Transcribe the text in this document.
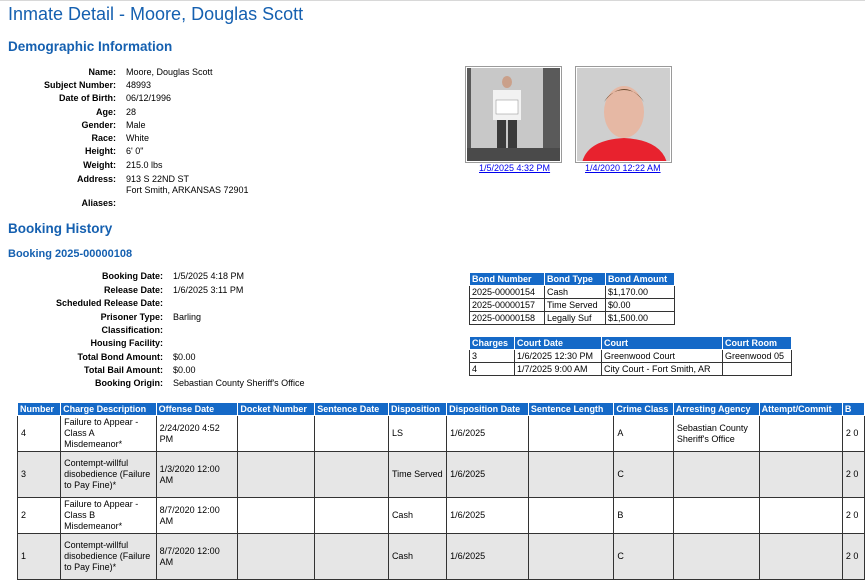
Inmate Detail - Moore, Douglas Scott
Demographic Information
Name: Moore, Douglas Scott
Subject Number: 48993
Date of Birth: 06/12/1996
Age: 28
Gender: Male
Race: White
Height: 6' 0"
Weight: 215.0 lbs
Address: 913 S 22ND ST
Fort Smith, ARKANSAS 72901
Aliases:
1/5/2025 4:32 PM	1/4/2020 12:22 AM
Booking History
Booking 2025-00000108
Booking Date: 1/5/2025 4:18 PM
Release Date: 1/6/2025 3:11 PM
Scheduled Release Date:
Prisoner Type: Barling
Classification:
Housing Facility:
Total Bond Amount: $0.00
Total Bail Amount: $0.00
Booking Origin: Sebastian County Sheriff's Office
Bond Number	Bond Type	Bond Amount
2025-00000154	Cash	$1,170.00
2025-00000157	Time Served	$0.00
2025-00000158	Legally Suf	$1,500.00
Charges	Court Date	Court	Court Room
3	1/6/2025 12:30 PM	Greenwood Court	Greenwood 05
4	1/7/2025 9:00 AM	City Court - Fort Smith, AR	
Number	Charge Description	Offense Date	Docket Number	Sentence Date	Disposition	Disposition Date	Sentence Length	Crime Class	Arresting Agency	Attempt/Commit	B
4	Failure to Appear - Class A Misdemeanor*	2/24/2020 4:52 PM			LS	1/6/2025		A	Sebastian County Sheriff's Office		2 0
3	Contempt-willful disobedience (Failure to Pay Fine)*	1/3/2020 12:00 AM			Time Served	1/6/2025		C			2 0
2	Failure to Appear - Class B Misdemeanor*	8/7/2020 12:00 AM			Cash	1/6/2025		B			2 0
1	Contempt-willful disobedience (Failure to Pay Fine)*	8/7/2020 12:00 AM			Cash	1/6/2025		C			2 0
